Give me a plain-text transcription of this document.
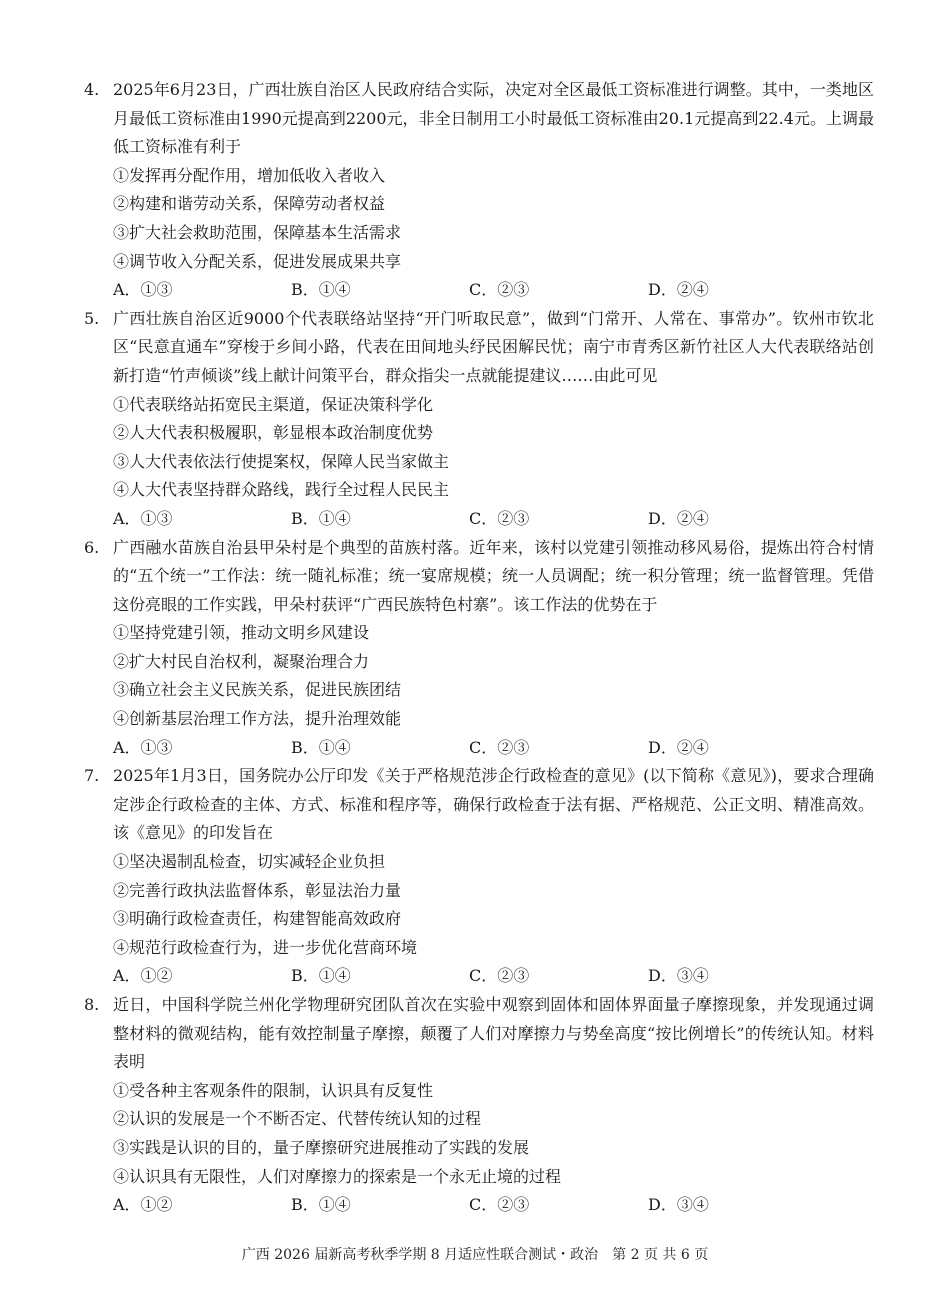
4. 2025年6月23日，广西壮族自治区人民政府结合实际，决定对全区最低工资标准进行调整。其中，一类地区月最低工资标准由1990元提高到2200元，非全日制用工小时最低工资标准由20.1元提高到22.4元。上调最低工资标准有利于
①发挥再分配作用，增加低收入者收入
②构建和谐劳动关系，保障劳动者权益
③扩大社会救助范围，保障基本生活需求
④调节收入分配关系，促进发展成果共享
A．①③	B．①④	C．②③	D．②④
5. 广西壮族自治区近9000个代表联络站坚持“开门听取民意”，做到“门常开、人常在、事常办”。钦州市钦北区“民意直通车”穿梭于乡间小路，代表在田间地头纾民困解民忧；南宁市青秀区新竹社区人大代表联络站创新打造“竹声倾谈”线上献计问策平台，群众指尖一点就能提建议……由此可见
①代表联络站拓宽民主渠道，保证决策科学化
②人大代表积极履职，彰显根本政治制度优势
③人大代表依法行使提案权，保障人民当家做主
④人大代表坚持群众路线，践行全过程人民民主
A．①③	B．①④	C．②③	D．②④
6. 广西融水苗族自治县甲朵村是个典型的苗族村落。近年来，该村以党建引领推动移风易俗，提炼出符合村情的“五个统一”工作法：统一随礼标准；统一宴席规模；统一人员调配；统一积分管理；统一监督管理。凭借这份亮眼的工作实践，甲朵村获评“广西民族特色村寨”。该工作法的优势在于
①坚持党建引领，推动文明乡风建设
②扩大村民自治权利，凝聚治理合力
③确立社会主义民族关系，促进民族团结
④创新基层治理工作方法，提升治理效能
A．①③	B．①④	C．②③	D．②④
7. 2025年1月3日，国务院办公厅印发《关于严格规范涉企行政检查的意见》(以下简称《意见》)，要求合理确定涉企行政检查的主体、方式、标准和程序等，确保行政检查于法有据、严格规范、公正文明、精准高效。该《意见》的印发旨在
①坚决遏制乱检查，切实减轻企业负担
②完善行政执法监督体系，彰显法治力量
③明确行政检查责任，构建智能高效政府
④规范行政检查行为，进一步优化营商环境
A．①②	B．①④	C．②③	D．③④
8. 近日，中国科学院兰州化学物理研究团队首次在实验中观察到固体和固体界面量子摩擦现象，并发现通过调整材料的微观结构，能有效控制量子摩擦，颠覆了人们对摩擦力与势垒高度“按比例增长”的传统认知。材料表明
①受各种主客观条件的限制，认识具有反复性
②认识的发展是一个不断否定、代替传统认知的过程
③实践是认识的目的，量子摩擦研究进展推动了实践的发展
④认识具有无限性，人们对摩擦力的探索是一个永无止境的过程
A．①②	B．①④	C．②③	D．③④
广西 2026 届新高考秋季学期 8 月适应性联合测试・政治　第 2 页 共 6 页
